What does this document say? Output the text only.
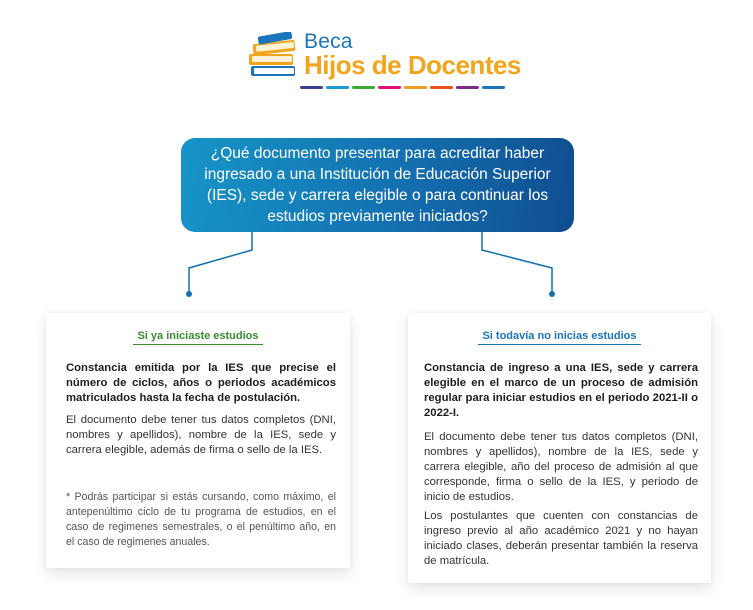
Beca
Hijos de Docentes
¿Qué documento presentar para acreditar haber ingresado a una Institución de Educación Superior (IES), sede y carrera elegible o para continuar los estudios previamente iniciados?
Si ya iniciaste estudios
Constancia emitida por la IES que precise el número de ciclos, años o periodos académicos matriculados hasta la fecha de postulación.
El documento debe tener tus datos completos (DNI, nombres y apellidos), nombre de la IES, sede y carrera elegible, además de firma o sello de la IES.
* Podrás participar si estás cursando, como máximo, el antepenúltimo ciclo de tu programa de estudios, en el caso de regimenes semestrales, o el penúltimo año, en el caso de regimenes anuales.
Si todavía no inicias estudios
Constancia de ingreso a una IES, sede y carrera elegible en el marco de un proceso de admisión regular para iniciar estudios en el periodo 2021-II o 2022-I.
El documento debe tener tus datos completos (DNI, nombres y apellidos), nombre de la IES, sede y carrera elegible, año del proceso de admisión al que corresponde, firma o sello de la IES, y periodo de inicio de estudios.
Los postulantes que cuenten con constancias de ingreso previo al año académico 2021 y no hayan iniciado clases, deberán presentar también la reserva de matrícula.
